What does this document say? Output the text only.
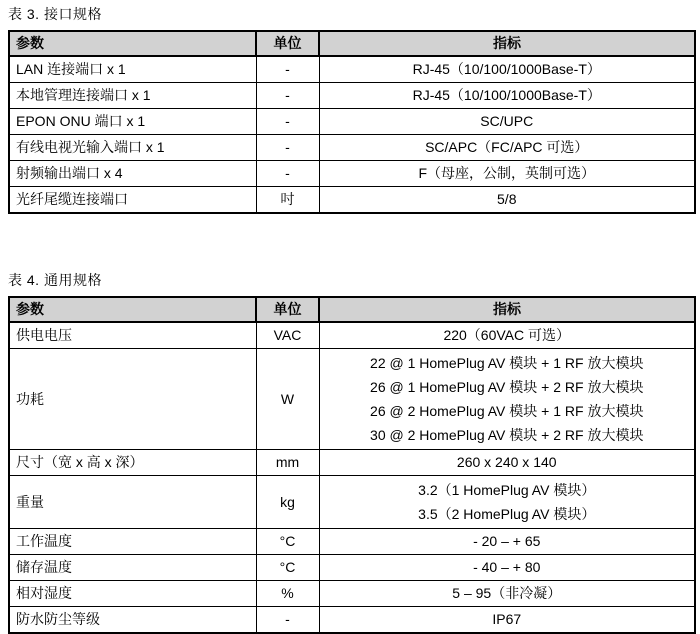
表 3. 接口规格
参数	单位	指标
LAN 连接端口 x 1	-	RJ-45（10/100/1000Base-T）

本地管理连接端口 x 1	-	RJ-45（10/100/1000Base-T）

EPON ONU 端口 x 1	-	SC/UPC

有线电视光输入端口 x 1	-	SC/APC（FC/APC 可选）

射频输出端口 x 4	-	F（母座，公制，英制可选）

光纤尾缆连接端口	吋	5/8
表 4. 通用规格
参数	单位	指标
供电电压	VAC	220（60VAC 可选）

功耗	W	22 @ 1 HomePlug AV 模块 + 1 RF 放大模块
26 @ 1 HomePlug AV 模块 + 2 RF 放大模块
26 @ 2 HomePlug AV 模块 + 1 RF 放大模块
30 @ 2 HomePlug AV 模块 + 2 RF 放大模块

尺寸（宽 x 高 x 深）	mm	260 x 240 x 140

重量	kg	3.2（1 HomePlug AV 模块）
3.5（2 HomePlug AV 模块）

工作温度	°C	- 20 – + 65

储存温度	°C	- 40 – + 80

相对湿度	%	5 – 95（非冷凝）

防水防尘等级	-	IP67
